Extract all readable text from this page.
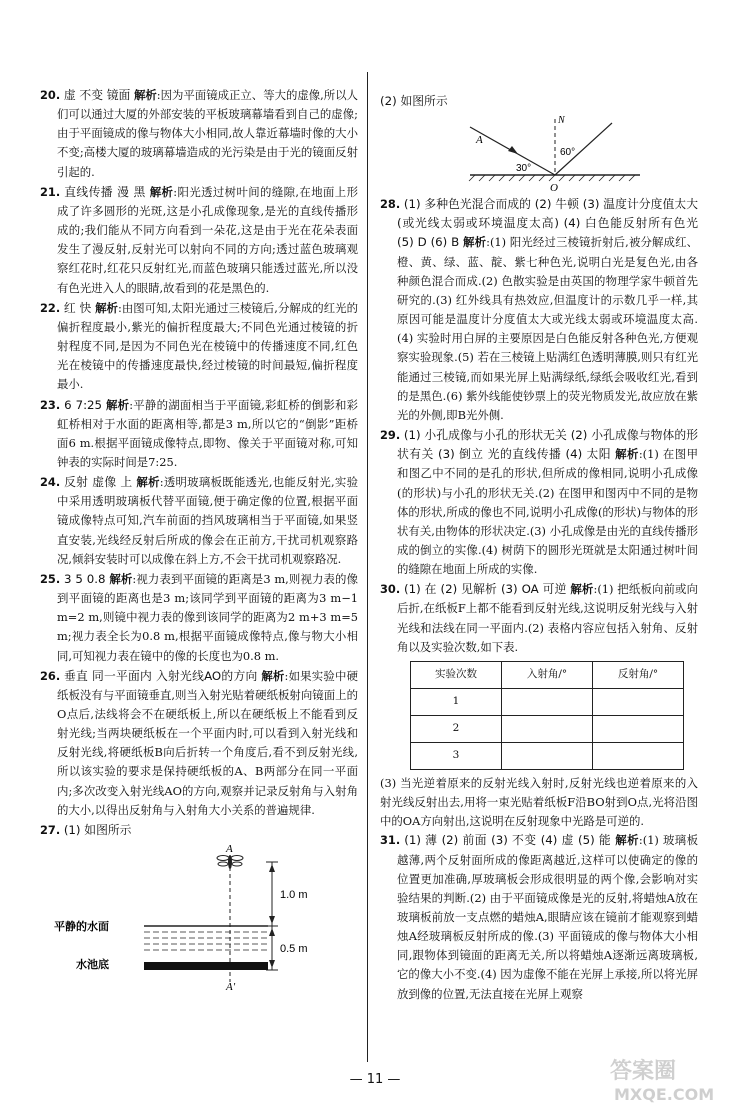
20. 虚 不变 镜面 解析:因为平面镜成正立、等大的虚像,所以人们可以通过大厦的外部安装的平板玻璃幕墙看到自己的虚像;由于平面镜成的像与物体大小相同,故人靠近幕墙时像的大小不变;高楼大厦的玻璃幕墙造成的光污染是由于光的镜面反射引起的.

21. 直线传播 漫 黑 解析:阳光透过树叶间的缝隙,在地面上形成了许多圆形的光斑,这是小孔成像现象,是光的直线传播形成的;我们能从不同方向看到一朵花,这是由于光在花朵表面发生了漫反射,反射光可以射向不同的方向;透过蓝色玻璃观察红花时,红花只反射红光,而蓝色玻璃只能透过蓝光,所以没有色光进入人的眼睛,故看到的花是黑色的.

22. 红 快 解析:由图可知,太阳光通过三棱镜后,分解成的红光的偏折程度最小,紫光的偏折程度最大;不同色光通过棱镜的折射程度不同,是因为不同色光在棱镜中的传播速度不同,红色光在棱镜中的传播速度最快,经过棱镜的时间最短,偏折程度最小.

23. 6 7:25 解析:平静的湖面相当于平面镜,彩虹桥的倒影和彩虹桥相对于水面的距离相等,都是3 m,所以它的“倒影”距桥面6 m.根据平面镜成像特点,即物、像关于平面镜对称,可知钟表的实际时间是7:25.

24. 反射 虚像 上 解析:透明玻璃板既能透光,也能反射光,实验中采用透明玻璃板代替平面镜,便于确定像的位置,根据平面镜成像特点可知,汽车前面的挡风玻璃相当于平面镜,如果竖直安装,光线经反射后所成的像会在正前方,干扰司机观察路况,倾斜安装时可以成像在斜上方,不会干扰司机观察路况.

25. 3 5 0.8 解析:视力表到平面镜的距离是3 m,则视力表的像到平面镜的距离也是3 m;该同学到平面镜的距离为3 m−1 m=2 m,则镜中视力表的像到该同学的距离为2 m+3 m=5 m;视力表全长为0.8 m,根据平面镜成像特点,像与物大小相同,可知视力表在镜中的像的长度也为0.8 m.

26. 垂直 同一平面内 入射光线AO的方向 解析:如果实验中硬纸板没有与平面镜垂直,则当入射光贴着硬纸板射向镜面上的O点后,法线将会不在硬纸板上,所以在硬纸板上不能看到反射光线;当两块硬纸板在一个平面内时,可以看到入射光线和反射光线,将硬纸板B向后折转一个角度后,看不到反射光线,所以该实验的要求是保持硬纸板的A、B两部分在同一平面内;多次改变入射光线AO的方向,观察并记录反射角与入射角的大小,以得出反射角与入射角大小关系的普遍规律.

27. (1) 如图所示

A
1.0 m
0.5 m
平静的水面
水池底
A′

(2) 如图所示

N
A
O
60°
30°

28. (1) 多种色光混合而成的 (2) 牛顿 (3) 温度计分度值太大(或光线太弱或环境温度太高) (4) 白色能反射所有色光 (5) D (6) B 解析:(1) 阳光经过三棱镜折射后,被分解成红、橙、黄、绿、蓝、靛、紫七种色光,说明白光是复色光,由各种颜色混合而成.(2) 色散实验是由英国的物理学家牛顿首先研究的.(3) 红外线具有热效应,但温度计的示数几乎一样,其原因可能是温度计分度值太大或光线太弱或环境温度太高.(4) 实验时用白屏的主要原因是白色能反射各种色光,方便观察实验现象.(5) 若在三棱镜上贴满红色透明薄膜,则只有红光能通过三棱镜,而如果光屏上贴满绿纸,绿纸会吸收红光,看到的是黑色.(6) 紫外线能使钞票上的荧光物质发光,故应放在紫光的外侧,即B光外侧.

29. (1) 小孔成像与小孔的形状无关 (2) 小孔成像与物体的形状有关 (3) 倒立 光的直线传播 (4) 太阳 解析:(1) 在图甲和图乙中不同的是孔的形状,但所成的像相同,说明小孔成像(的形状)与小孔的形状无关.(2) 在图甲和图丙中不同的是物体的形状,所成的像也不同,说明小孔成像(的形状)与物体的形状有关,由物体的形状决定.(3) 小孔成像是由光的直线传播形成的倒立的实像.(4) 树荫下的圆形光斑就是太阳通过树叶间的缝隙在地面上所成的实像.

30. (1) 在 (2) 见解析 (3) OA 可逆 解析:(1) 把纸板向前或向后折,在纸板F上都不能看到反射光线,这说明反射光线与入射光线和法线在同一平面内.(2) 表格内容应包括入射角、反射角以及实验次数,如下表.

实验次数	入射角/°	反射角/°
1		
2		
3		

(3) 当光逆着原来的反射光线入射时,反射光线也逆着原来的入射光线反射出去,用将一束光贴着纸板F沿BO射到O点,光将沿图中的OA方向射出,这说明在反射现象中光路是可逆的.

31. (1) 薄 (2) 前面 (3) 不变 (4) 虚 (5) 能 解析:(1) 玻璃板越薄,两个反射面所成的像距离越近,这样可以使确定的像的位置更加准确,厚玻璃板会形成很明显的两个像,会影响对实验结果的判断.(2) 由于平面镜成像是光的反射,将蜡烛A放在玻璃板前放一支点燃的蜡烛A,眼睛应该在镜前才能观察到蜡烛A经玻璃板反射所成的像.(3) 平面镜成的像与物体大小相同,跟物体到镜面的距离无关,所以将蜡烛A逐渐远离玻璃板,它的像大小不变.(4) 因为虚像不能在光屏上承接,所以将光屏放到像的位置,无法直接在光屏上观察

— 11 —	答案圈
MXQE.COM
